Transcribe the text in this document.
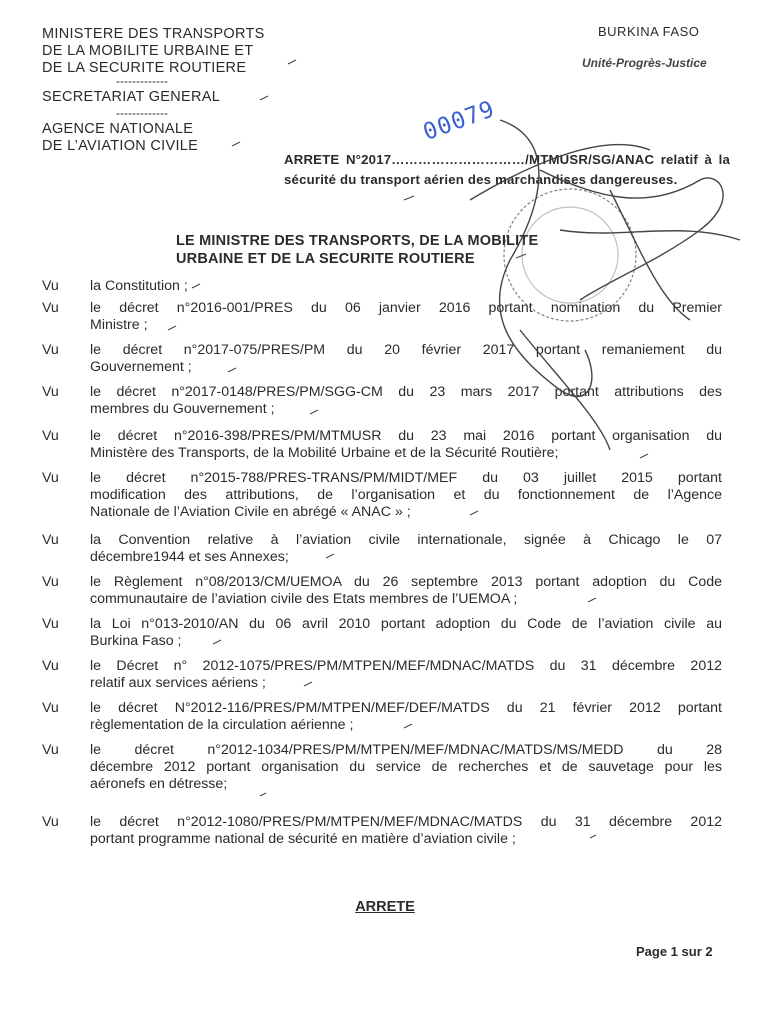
MINISTERE DES TRANSPORTS
DE LA MOBILITE URBAINE ET
DE LA SECURITE ROUTIERE
-------------
SECRETARIAT GENERAL
-------------
AGENCE NATIONALE
DE L’AVIATION CIVILE
BURKINA FASO
Unité-Progrès-Justice
00079
ARRETE N°2017…………………………/MTMUSR/SG/ANAC relatif à la sécurité du transport aérien des marchandises dangereuses.
LE MINISTRE DES TRANSPORTS, DE LA MOBILITE
URBAINE ET DE LA SECURITE ROUTIERE
Vu	la Constitution ;
Vu	le décret n°2016-001/PRES du 06 janvier 2016 portant nomination du Premier
Ministre ;
Vu	le décret n°2017-075/PRES/PM du 20 février 2017 portant remaniement du
Gouvernement ;
Vu	le décret n°2017-0148/PRES/PM/SGG-CM du 23 mars 2017 portant attributions des
membres du Gouvernement ;
Vu	le décret n°2016-398/PRES/PM/MTMUSR du 23 mai 2016 portant organisation du
Ministère des Transports, de la Mobilité Urbaine et de la Sécurité Routière;
Vu	le décret n°2015-788/PRES-TRANS/PM/MIDT/MEF du 03 juillet 2015 portant
modification des attributions, de l’organisation et du fonctionnement de l’Agence
Nationale de l’Aviation Civile en abrégé « ANAC » ;
Vu	la Convention relative à l’aviation civile internationale, signée à Chicago le 07
décembre1944 et ses Annexes;
Vu	le Règlement n°08/2013/CM/UEMOA du 26 septembre 2013 portant adoption du Code
communautaire de l’aviation civile des Etats membres de l’UEMOA ;
Vu	la Loi n°013-2010/AN du 06 avril 2010 portant adoption du Code de l’aviation civile au
Burkina Faso ;
Vu	le Décret n° 2012-1075/PRES/PM/MTPEN/MEF/MDNAC/MATDS du 31 décembre 2012
relatif aux services aériens ;
Vu	le décret N°2012-116/PRES/PM/MTPEN/MEF/DEF/MATDS du 21 février 2012 portant
règlementation de la circulation aérienne ;
Vu	le décret n°2012-1034/PRES/PM/MTPEN/MEF/MDNAC/MATDS/MS/MEDD du 28
décembre 2012 portant organisation du service de recherches et de sauvetage pour les
aéronefs en détresse;
Vu	le décret n°2012-1080/PRES/PM/MTPEN/MEF/MDNAC/MATDS du 31 décembre 2012
portant programme national de sécurité en matière d’aviation civile ;
ARRETE
Page 1 sur 2
